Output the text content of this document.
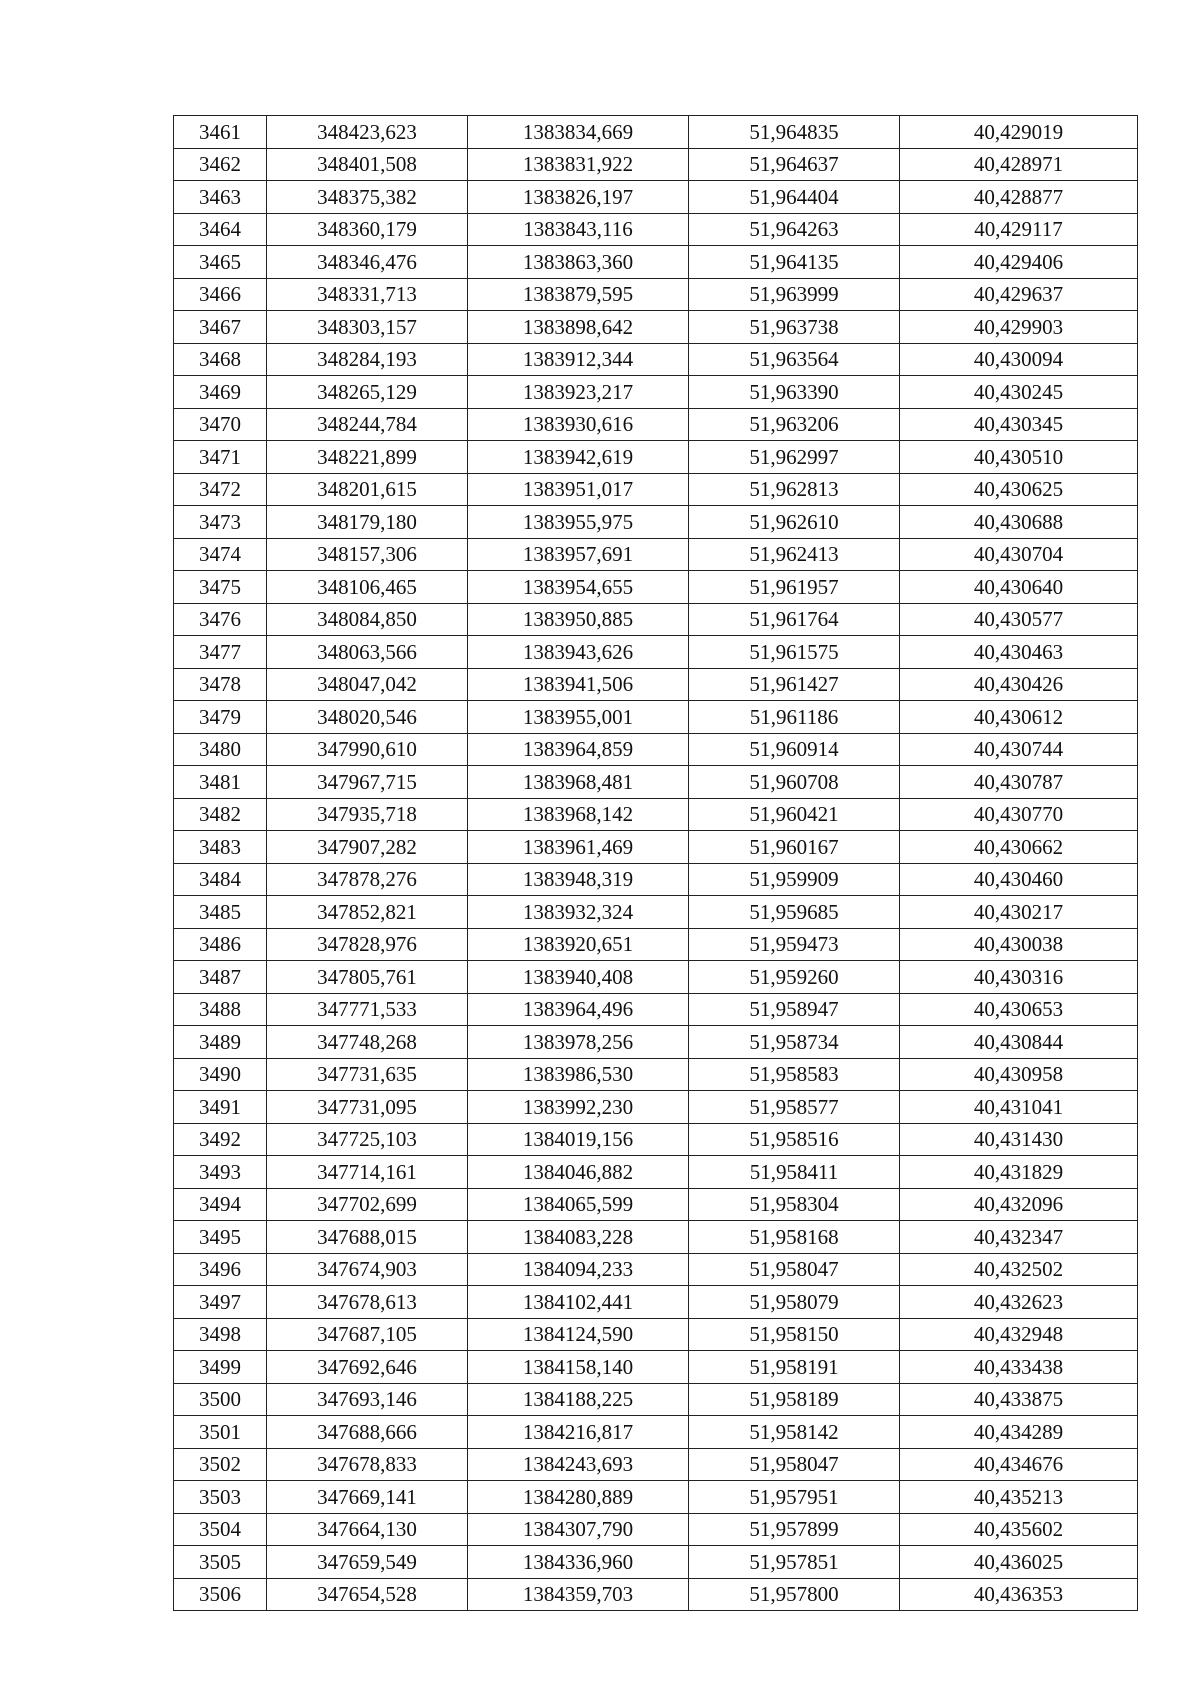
3461	348423,623	1383834,669	51,964835	40,429019
3462	348401,508	1383831,922	51,964637	40,428971
3463	348375,382	1383826,197	51,964404	40,428877
3464	348360,179	1383843,116	51,964263	40,429117
3465	348346,476	1383863,360	51,964135	40,429406
3466	348331,713	1383879,595	51,963999	40,429637
3467	348303,157	1383898,642	51,963738	40,429903
3468	348284,193	1383912,344	51,963564	40,430094
3469	348265,129	1383923,217	51,963390	40,430245
3470	348244,784	1383930,616	51,963206	40,430345
3471	348221,899	1383942,619	51,962997	40,430510
3472	348201,615	1383951,017	51,962813	40,430625
3473	348179,180	1383955,975	51,962610	40,430688
3474	348157,306	1383957,691	51,962413	40,430704
3475	348106,465	1383954,655	51,961957	40,430640
3476	348084,850	1383950,885	51,961764	40,430577
3477	348063,566	1383943,626	51,961575	40,430463
3478	348047,042	1383941,506	51,961427	40,430426
3479	348020,546	1383955,001	51,961186	40,430612
3480	347990,610	1383964,859	51,960914	40,430744
3481	347967,715	1383968,481	51,960708	40,430787
3482	347935,718	1383968,142	51,960421	40,430770
3483	347907,282	1383961,469	51,960167	40,430662
3484	347878,276	1383948,319	51,959909	40,430460
3485	347852,821	1383932,324	51,959685	40,430217
3486	347828,976	1383920,651	51,959473	40,430038
3487	347805,761	1383940,408	51,959260	40,430316
3488	347771,533	1383964,496	51,958947	40,430653
3489	347748,268	1383978,256	51,958734	40,430844
3490	347731,635	1383986,530	51,958583	40,430958
3491	347731,095	1383992,230	51,958577	40,431041
3492	347725,103	1384019,156	51,958516	40,431430
3493	347714,161	1384046,882	51,958411	40,431829
3494	347702,699	1384065,599	51,958304	40,432096
3495	347688,015	1384083,228	51,958168	40,432347
3496	347674,903	1384094,233	51,958047	40,432502
3497	347678,613	1384102,441	51,958079	40,432623
3498	347687,105	1384124,590	51,958150	40,432948
3499	347692,646	1384158,140	51,958191	40,433438
3500	347693,146	1384188,225	51,958189	40,433875
3501	347688,666	1384216,817	51,958142	40,434289
3502	347678,833	1384243,693	51,958047	40,434676
3503	347669,141	1384280,889	51,957951	40,435213
3504	347664,130	1384307,790	51,957899	40,435602
3505	347659,549	1384336,960	51,957851	40,436025
3506	347654,528	1384359,703	51,957800	40,436353
